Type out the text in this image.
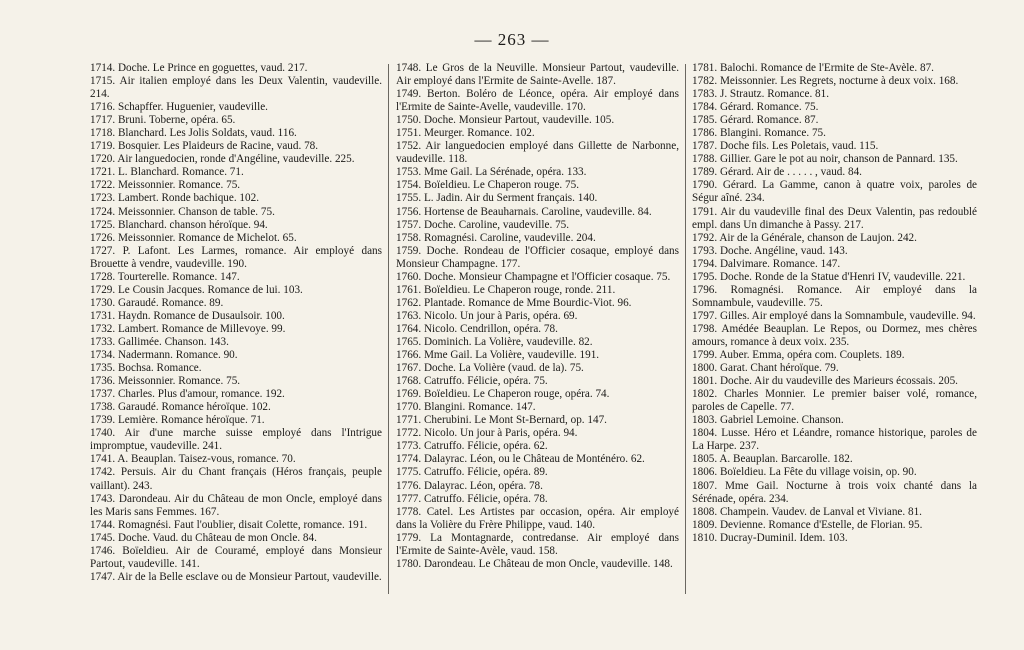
— 263 —

1714. Doche. Le Prince en goguettes, vaud. 217.

1715. Air italien employé dans les Deux Valentin, vaudeville. 214.

1716. Schapffer. Huguenier, vaudeville.

1717. Bruni. Toberne, opéra. 65.

1718. Blanchard. Les Jolis Soldats, vaud. 116.

1719. Bosquier. Les Plaideurs de Racine, vaud. 78.

1720. Air languedocien, ronde d'Angéline, vaudeville. 225.

1721. L. Blanchard. Romance. 71.

1722. Meissonnier. Romance. 75.

1723. Lambert. Ronde bachique. 102.

1724. Meissonnier. Chanson de table. 75.

1725. Blanchard. chanson héroïque. 94.

1726. Meissonnier. Romance de Michelot. 65.

1727. P. Lafont. Les Larmes, romance. Air employé dans Brouette à vendre, vaudeville. 190.

1728. Tourterelle. Romance. 147.

1729. Le Cousin Jacques. Romance de lui. 103.

1730. Garaudé. Romance. 89.

1731. Haydn. Romance de Dusaulsoir. 100.

1732. Lambert. Romance de Millevoye. 99.

1733. Gallimée. Chanson. 143.

1734. Nadermann. Romance. 90.

1735. Bochsa. Romance.

1736. Meissonnier. Romance. 75.

1737. Charles. Plus d'amour, romance. 192.

1738. Garaudé. Romance héroïque. 102.

1739. Lemière. Romance héroïque. 71.

1740. Air d'une marche suisse employé dans l'Intrigue impromptue, vaudeville. 241.

1741. A. Beauplan. Taisez-vous, romance. 70.

1742. Persuis. Air du Chant français (Héros français, peuple vaillant). 243.

1743. Darondeau. Air du Château de mon Oncle, employé dans les Maris sans Femmes. 167.

1744. Romagnési. Faut l'oublier, disait Colette, romance. 191.

1745. Doche. Vaud. du Château de mon Oncle. 84.

1746. Boïeldieu. Air de Couramé, employé dans Monsieur Partout, vaudeville. 141.

1747. Air de la Belle esclave ou de Monsieur Partout, vaudeville.

1748. Le Gros de la Neuville. Monsieur Partout, vaudeville. Air employé dans l'Ermite de Sainte-Avelle. 187.

1749. Berton. Boléro de Léonce, opéra. Air employé dans l'Ermite de Sainte-Avelle, vaudeville. 170.

1750. Doche. Monsieur Partout, vaudeville. 105.

1751. Meurger. Romance. 102.

1752. Air languedocien employé dans Gillette de Narbonne, vaudeville. 118.

1753. Mme Gail. La Sérénade, opéra. 133.

1754. Boïeldieu. Le Chaperon rouge. 75.

1755. L. Jadin. Air du Serment français. 140.

1756. Hortense de Beauharnais. Caroline, vaudeville. 84.

1757. Doche. Caroline, vaudeville. 75.

1758. Romagnési. Caroline, vaudeville. 204.

1759. Doche. Rondeau de l'Officier cosaque, employé dans Monsieur Champagne. 177.

1760. Doche. Monsieur Champagne et l'Officier cosaque. 75.

1761. Boïeldieu. Le Chaperon rouge, ronde. 211.

1762. Plantade. Romance de Mme Bourdic-Viot. 96.

1763. Nicolo. Un jour à Paris, opéra. 69.

1764. Nicolo. Cendrillon, opéra. 78.

1765. Dominich. La Volière, vaudeville. 82.

1766. Mme Gail. La Volière, vaudeville. 191.

1767. Doche. La Volière (vaud. de la). 75.

1768. Catruffo. Félicie, opéra. 75.

1769. Boïeldieu. Le Chaperon rouge, opéra. 74.

1770. Blangini. Romance. 147.

1771. Cherubini. Le Mont St-Bernard, op. 147.

1772. Nicolo. Un jour à Paris, opéra. 94.

1773. Catruffo. Félicie, opéra. 62.

1774. Dalayrac. Léon, ou le Château de Monténéro. 62.

1775. Catruffo. Félicie, opéra. 89.

1776. Dalayrac. Léon, opéra. 78.

1777. Catruffo. Félicie, opéra. 78.

1778. Catel. Les Artistes par occasion, opéra. Air employé dans la Volière du Frère Philippe, vaud. 140.

1779. La Montagnarde, contredanse. Air employé dans l'Ermite de Sainte-Avèle, vaud. 158.

1780. Darondeau. Le Château de mon Oncle, vaudeville. 148.

1781. Balochi. Romance de l'Ermite de Ste-Avèle. 87.

1782. Meissonnier. Les Regrets, nocturne à deux voix. 168.

1783. J. Strautz. Romance. 81.

1784. Gérard. Romance. 75.

1785. Gérard. Romance. 87.

1786. Blangini. Romance. 75.

1787. Doche fils. Les Poletais, vaud. 115.

1788. Gillier. Gare le pot au noir, chanson de Pannard. 135.

1789. Gérard. Air de . . . . . , vaud. 84.

1790. Gérard. La Gamme, canon à quatre voix, paroles de Ségur aîné. 234.

1791. Air du vaudeville final des Deux Valentin, pas redoublé empl. dans Un dimanche à Passy. 217.

1792. Air de la Générale, chanson de Laujon. 242.

1793. Doche. Angéline, vaud. 143.

1794. Dalvimare. Romance. 147.

1795. Doche. Ronde de la Statue d'Henri IV, vaudeville. 221.

1796. Romagnési. Romance. Air employé dans la Somnambule, vaudeville. 75.

1797. Gilles. Air employé dans la Somnambule, vaudeville. 94.

1798. Amédée Beauplan. Le Repos, ou Dormez, mes chères amours, romance à deux voix. 235.

1799. Auber. Emma, opéra com. Couplets. 189.

1800. Garat. Chant héroïque. 79.

1801. Doche. Air du vaudeville des Marieurs écossais. 205.

1802. Charles Monnier. Le premier baiser volé, romance, paroles de Capelle. 77.

1803. Gabriel Lemoine. Chanson.

1804. Lusse. Héro et Léandre, romance historique, paroles de La Harpe. 237.

1805. A. Beauplan. Barcarolle. 182.

1806. Boïeldieu. La Fête du village voisin, op. 90.

1807. Mme Gail. Nocturne à trois voix chanté dans la Sérénade, opéra. 234.

1808. Champein. Vaudev. de Lanval et Viviane. 81.

1809. Devienne. Romance d'Estelle, de Florian. 95.

1810. Ducray-Duminil. Idem. 103.
